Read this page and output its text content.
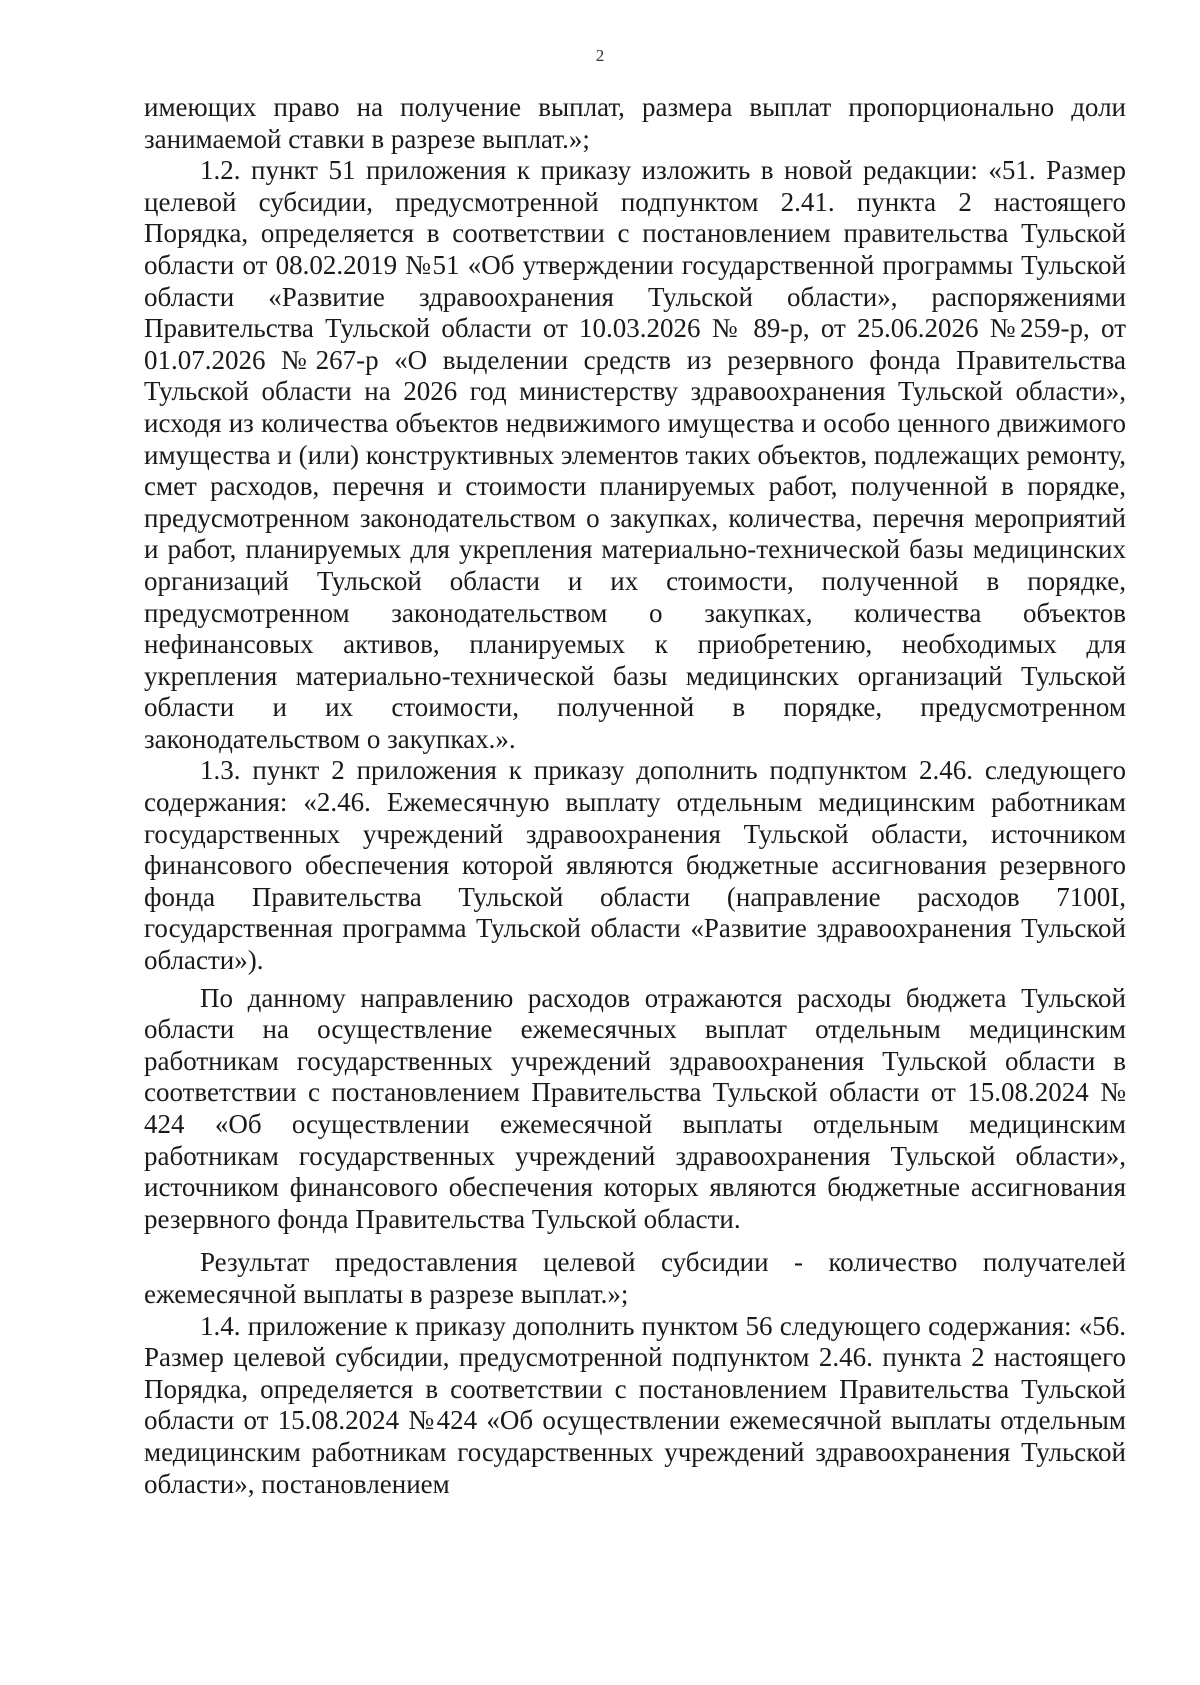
2

имеющих право на получение выплат, размера выплат пропорционально доли занимаемой ставки в разрезе выплат.»;

1.2. пункт 51 приложения к приказу изложить в новой редакции: «51. Размер целевой субсидии, предусмотренной подпунктом 2.41. пункта 2 настоящего Порядка, определяется в соответствии с постановлением правительства Тульской области от 08.02.2019 №51 «Об утверждении государственной программы Тульской области «Развитие здравоохранения Тульской области», распоряжениями Правительства Тульской области от 10.03.2026 № 89-р, от 25.06.2026 №259-р, от 01.07.2026 №267-р «О выделении средств из резервного фонда Правительства Тульской области на 2026 год министерству здравоохранения Тульской области», исходя из количества объектов недвижимого имущества и особо ценного движимого имущества и (или) конструктивных элементов таких объектов, подлежащих ремонту, смет расходов, перечня и стоимости планируемых работ, полученной в порядке, предусмотренном законодательством о закупках, количества, перечня мероприятий и работ, планируемых для укрепления материально-технической базы медицинских организаций Тульской области и их стоимости, полученной в порядке, предусмотренном законодательством о закупках, количества объектов нефинансовых активов, планируемых к приобретению, необходимых для укрепления материально-технической базы медицинских организаций Тульской области и их стоимости, полученной в порядке, предусмотренном законодательством о закупках.».

1.3. пункт 2 приложения к приказу дополнить подпунктом 2.46. следующего содержания: «2.46. Ежемесячную выплату отдельным медицинским работникам государственных учреждений здравоохранения Тульской области, источником финансового обеспечения которой являются бюджетные ассигнования резервного фонда Правительства Тульской области (направление расходов 7100I, государственная программа Тульской области «Развитие здравоохранения Тульской области»).

По данному направлению расходов отражаются расходы бюджета Тульской области на осуществление ежемесячных выплат отдельным медицинским работникам государственных учреждений здравоохранения Тульской области в соответствии с постановлением Правительства Тульской области от 15.08.2024 № 424 «Об осуществлении ежемесячной выплаты отдельным медицинским работникам государственных учреждений здравоохранения Тульской области», источником финансового обеспечения которых являются бюджетные ассигнования резервного фонда Правительства Тульской области.

Результат предоставления целевой субсидии - количество получателей ежемесячной выплаты в разрезе выплат.»;

1.4. приложение к приказу дополнить пунктом 56 следующего содержания: «56. Размер целевой субсидии, предусмотренной подпунктом 2.46. пункта 2 настоящего Порядка, определяется в соответствии с постановлением Правительства Тульской области от 15.08.2024 №424 «Об осуществлении ежемесячной выплаты отдельным медицинским работникам государственных учреждений здравоохранения Тульской области», постановлением
